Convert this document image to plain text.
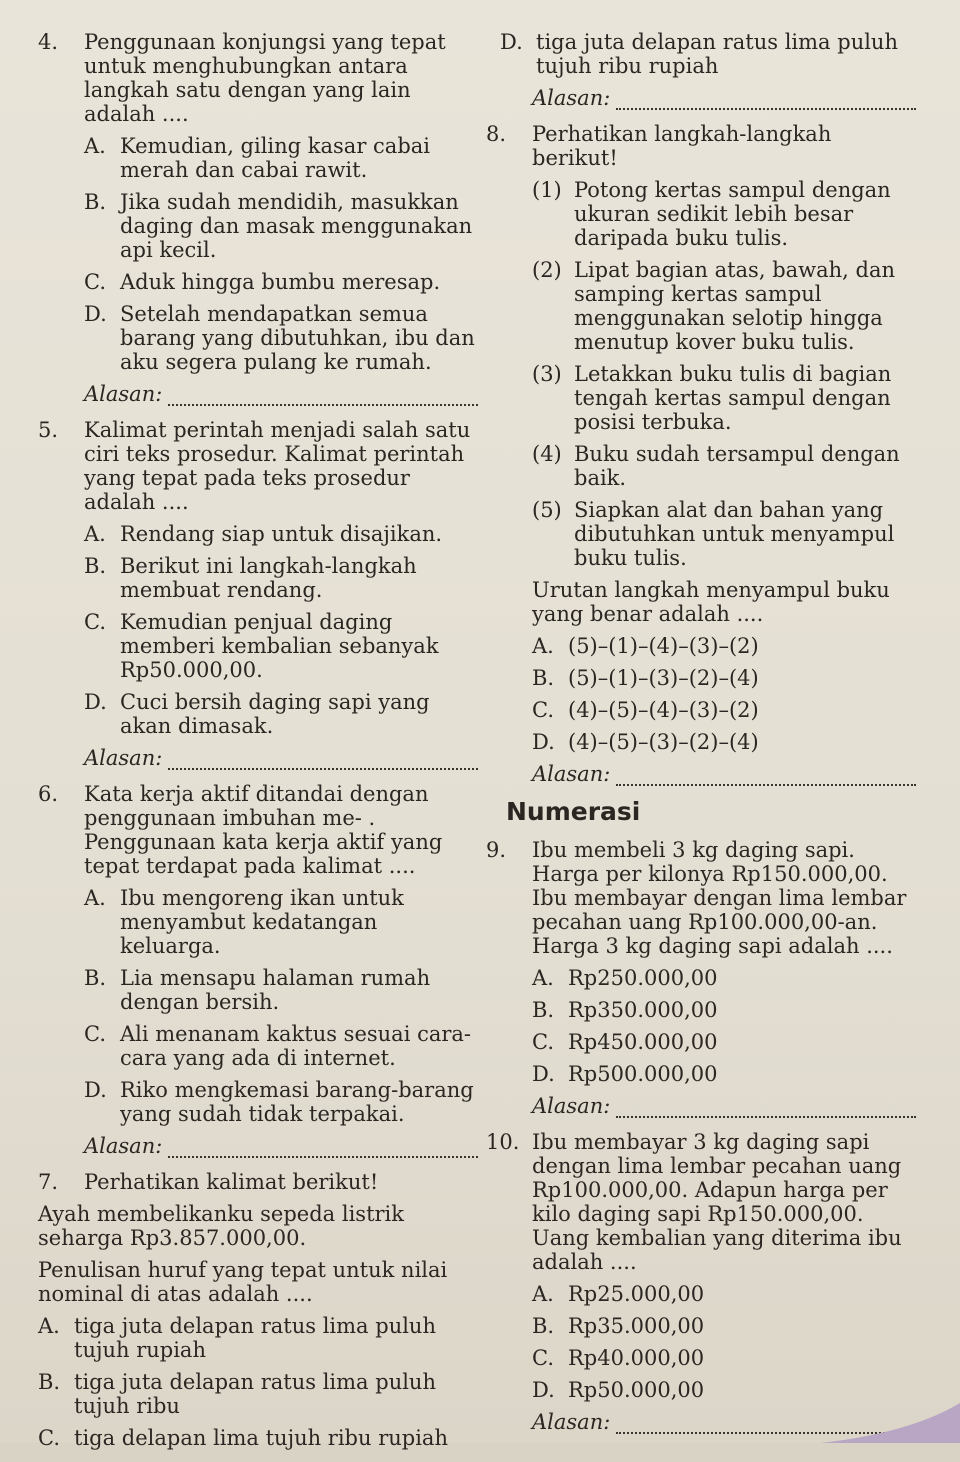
4. Penggunaan konjungsi yang tepat untuk menghubungkan antara langkah satu dengan yang lain adalah ....
A. Kemudian, giling kasar cabai merah dan cabai rawit.
B. Jika sudah mendidih, masukkan daging dan masak menggunakan api kecil.
C. Aduk hingga bumbu meresap.
D. Setelah mendapatkan semua barang yang dibutuhkan, ibu dan aku segera pulang ke rumah.
Alasan:
5. Kalimat perintah menjadi salah satu ciri teks prosedur. Kalimat perintah yang tepat pada teks prosedur adalah ....
A. Rendang siap untuk disajikan.
B. Berikut ini langkah-langkah membuat rendang.
C. Kemudian penjual daging memberi kembalian sebanyak Rp50.000,00.
D. Cuci bersih daging sapi yang akan dimasak.
Alasan:
6. Kata kerja aktif ditandai dengan penggunaan imbuhan me- . Penggunaan kata kerja aktif yang tepat terdapat pada kalimat ....
A. Ibu mengoreng ikan untuk menyambut kedatangan keluarga.
B. Lia mensapu halaman rumah dengan bersih.
C. Ali menanam kaktus sesuai cara-cara yang ada di internet.
D. Riko mengkemasi barang-barang yang sudah tidak terpakai.
Alasan:
7. Perhatikan kalimat berikut!
Ayah membelikanku sepeda listrik seharga Rp3.857.000,00.
Penulisan huruf yang tepat untuk nilai nominal di atas adalah ....
A. tiga juta delapan ratus lima puluh tujuh rupiah
B. tiga juta delapan ratus lima puluh tujuh ribu
C. tiga delapan lima tujuh ribu rupiah
D. tiga juta delapan ratus lima puluh tujuh ribu rupiah
Alasan:
8. Perhatikan langkah-langkah berikut!
(1) Potong kertas sampul dengan ukuran sedikit lebih besar daripada buku tulis.
(2) Lipat bagian atas, bawah, dan samping kertas sampul menggunakan selotip hingga menutup kover buku tulis.
(3) Letakkan buku tulis di bagian tengah kertas sampul dengan posisi terbuka.
(4) Buku sudah tersampul dengan baik.
(5) Siapkan alat dan bahan yang dibutuhkan untuk menyampul buku tulis.
Urutan langkah menyampul buku yang benar adalah ....
A. (5)–(1)–(4)–(3)–(2)
B. (5)–(1)–(3)–(2)–(4)
C. (4)–(5)–(4)–(3)–(2)
D. (4)–(5)–(3)–(2)–(4)
Alasan:
Numerasi
9. Ibu membeli 3 kg daging sapi. Harga per kilonya Rp150.000,00. Ibu membayar dengan lima lembar pecahan uang Rp100.000,00-an. Harga 3 kg daging sapi adalah ....
A. Rp250.000,00
B. Rp350.000,00
C. Rp450.000,00
D. Rp500.000,00
Alasan:
10. Ibu membayar 3 kg daging sapi dengan lima lembar pecahan uang Rp100.000,00. Adapun harga per kilo daging sapi Rp150.000,00. Uang kembalian yang diterima ibu adalah ....
A. Rp25.000,00
B. Rp35.000,00
C. Rp40.000,00
D. Rp50.000,00
Alasan:
